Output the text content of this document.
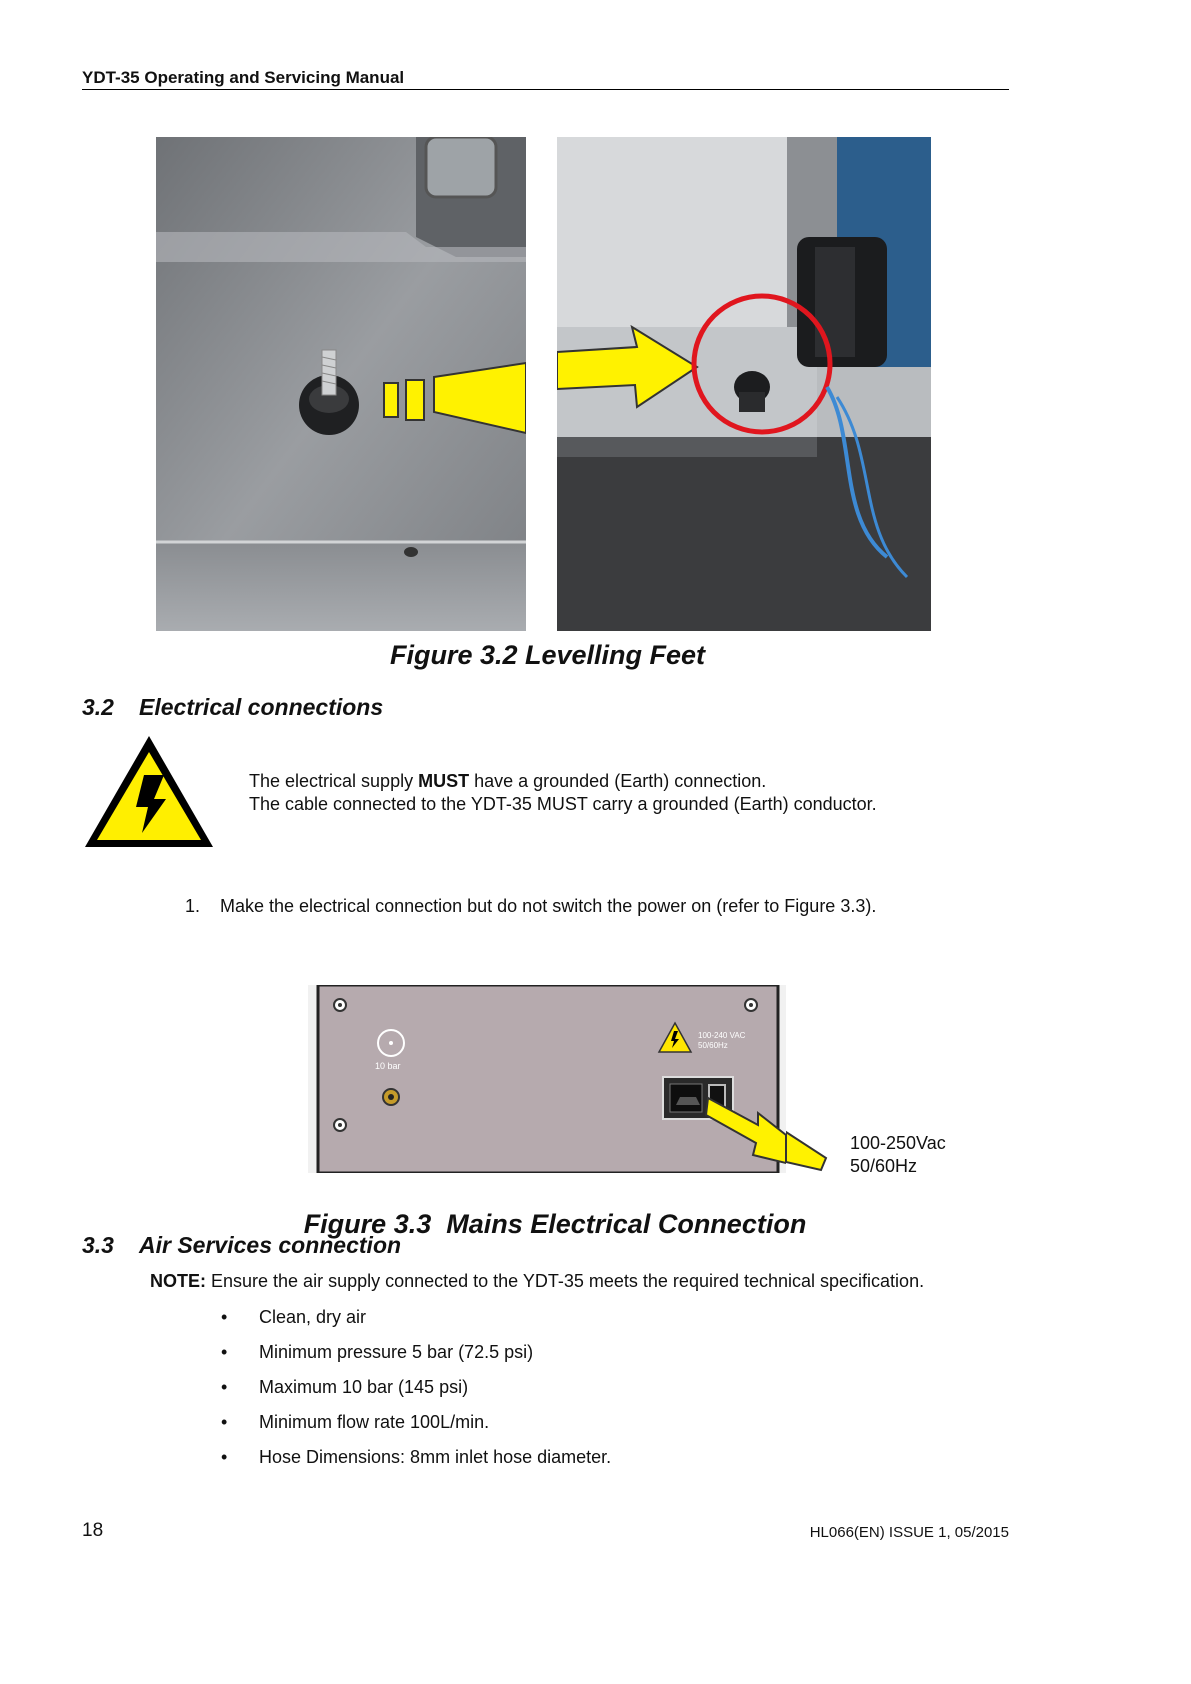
YDT-35 Operating and Servicing Manual
Figure 3.2 Levelling Feet
3.2 Electrical connections
The electrical supply MUST have a grounded (Earth) connection.
The cable connected to the YDT-35 MUST carry a grounded (Earth) conductor.
1. Make the electrical connection but do not switch the power on (refer to Figure 3.3).
10 bar
100-240 VAC
50/60Hz
100-250Vac
50/60Hz

Figure 3.3  Mains Electrical Connection

3.3 Air Services connection
NOTE: Ensure the air supply connected to the YDT-35 meets the required technical specification.
• Clean, dry air
• Minimum pressure 5 bar (72.5 psi)
• Maximum 10 bar (145 psi)
• Minimum flow rate 100L/min.
• Hose Dimensions: 8mm inlet hose diameter.
18	HL066(EN) ISSUE 1, 05/2015
